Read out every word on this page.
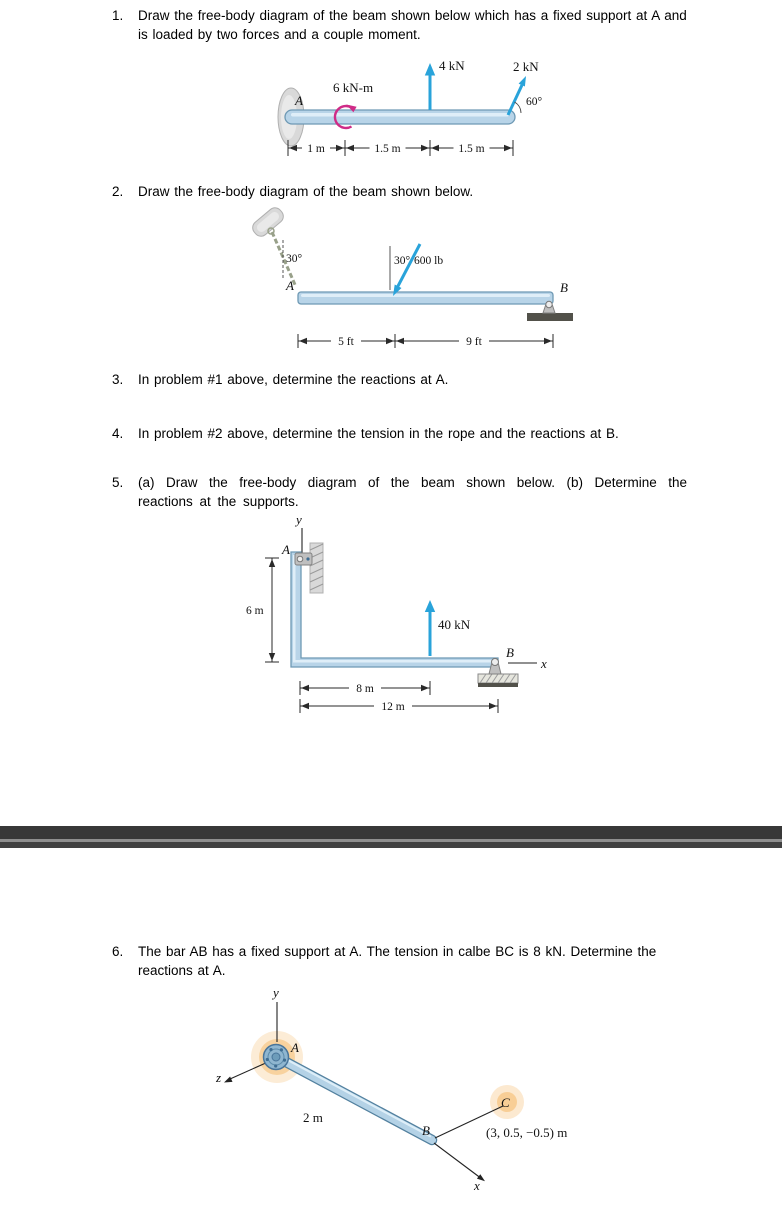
1.	Draw the free-body diagram of the beam shown below which has a fixed support at A and is loaded by two forces and a couple moment.
A
6 kN-m
4 kN	2 kN
60°
1 m	1.5 m	1.5 m
2.	Draw the free-body diagram of the beam shown below.
30°
A
30° 600 lb
B
5 ft	9 ft
3.	In problem #1 above, determine the reactions at A.
4.	In problem #2 above, determine the tension in the rope and the reactions at B.
5.	(a) Draw the free-body diagram of the beam shown below. (b) Determine the reactions at the supports.
y
6 m
A
40 kN
B
x
8 m
12 m
6.	The bar AB has a fixed support at A. The tension in calbe BC is 8 kN. Determine the reactions at A.
y
z
A
2 m
B
x
C
(3, 0.5, −0.5) m
